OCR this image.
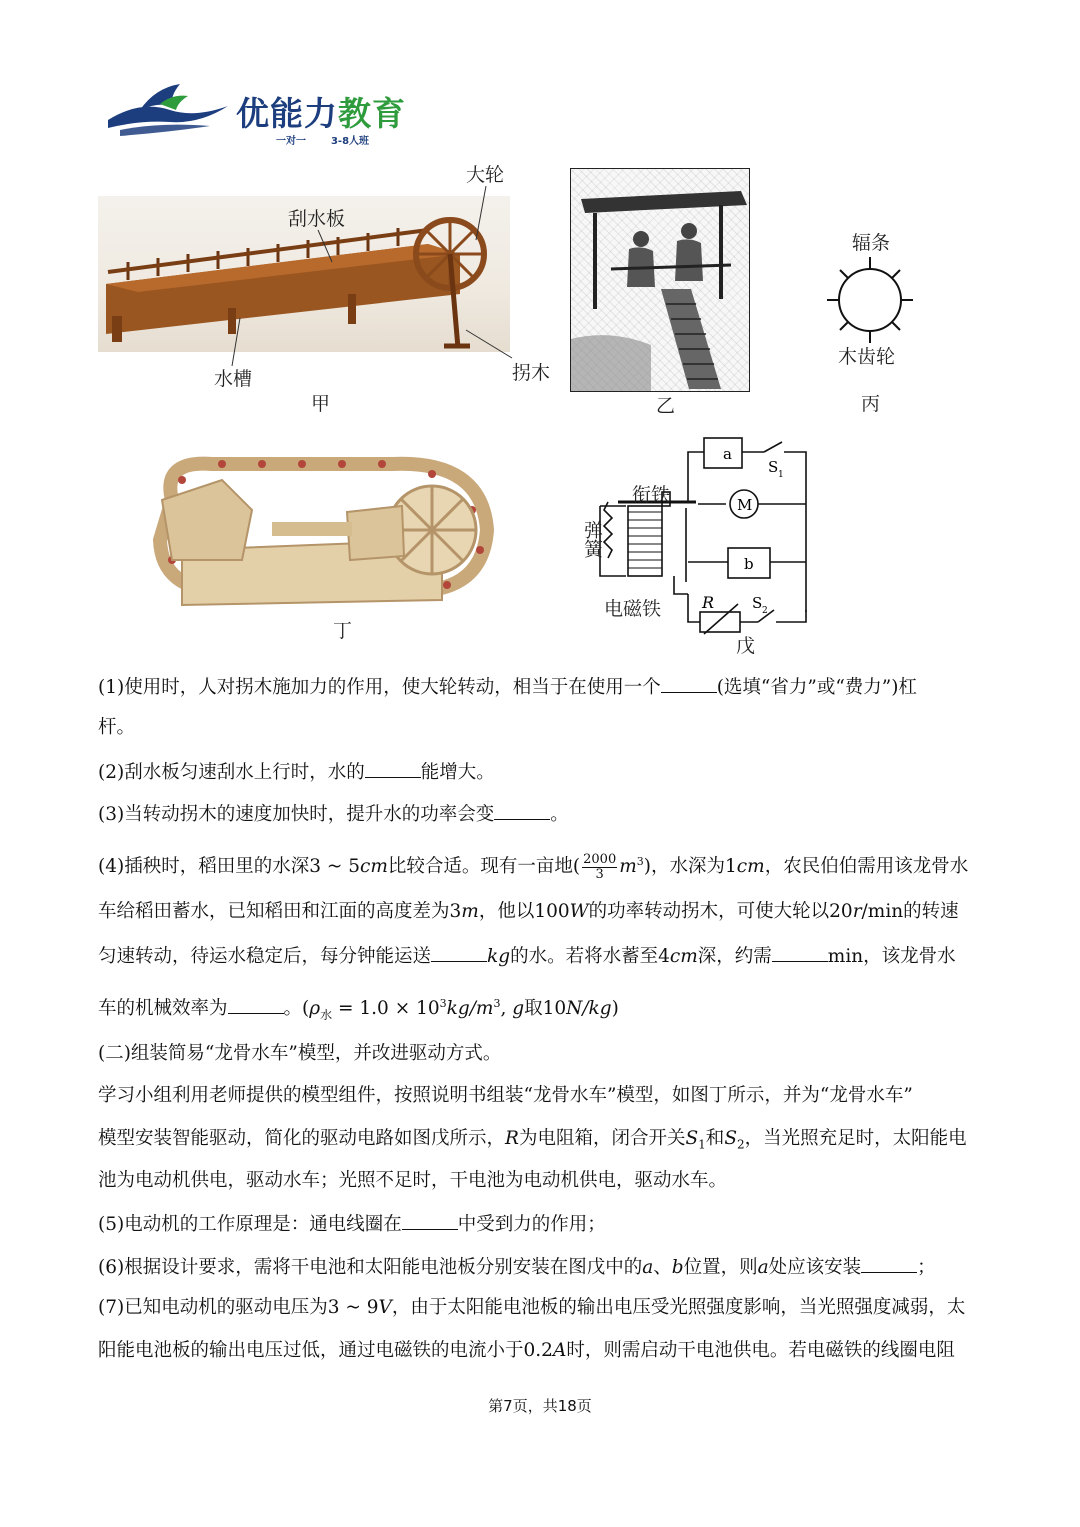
优能力教育
一对一 3-8人班
大轮
刮水板
水槽	拐木
甲	乙
辐条
木齿轮
丙
丁
a
M
b
S 1
S 2
R
衔铁
弹簧
电磁铁
戊
(1)使用时，人对拐木施加力的作用，使大轮转动，相当于在使用一个	(选填“省力”或“费力”)杠
杆。
(2)刮水板匀速刮水上行时，水的	能增大。
(3)当转动拐木的速度加快时，提升水的功率会变	。
(4)插秧时，稻田里的水深3 ~ 5cm比较合适。现有一亩地( $\frac{2000}{3} m^3$)，水深为1cm，农民伯伯需用该龙骨水
车给稻田蓄水，已知稻田和江面的高度差为3m，他以100W的功率转动拐木，可使大轮以20r/min的转速
匀速转动，待运水稳定后，每分钟能运送	kg的水。若将水蓄至4cm深，约需	min，该龙骨水
车的机械效率为	。($\rho_水 = 1.0 \times 10^3kg/m^3$, g取10N/kg)
(二)组装简易“龙骨水车”模型，并改进驱动方式。
学习小组利用老师提供的模型组件，按照说明书组装“龙骨水车”模型，如图丁所示，并为“龙骨水车”
模型安装智能驱动，简化的驱动电路如图戊所示，R为电阻箱，闭合开关$S_1$和$S_2$，当光照充足时，太阳能电
池为电动机供电，驱动水车；光照不足时，干电池为电动机供电，驱动水车。
(5)电动机的工作原理是：通电线圈在	中受到力的作用；
(6)根据设计要求，需将干电池和太阳能电池板分别安装在图戊中的a、b位置，则a处应该安装	；
(7)已知电动机的驱动电压为3 ~ 9V，由于太阳能电池板的输出电压受光照强度影响，当光照强度减弱，太
阳能电池板的输出电压过低，通过电磁铁的电流小于0.2A时，则需启动干电池供电。若电磁铁的线圈电阻
第7页，共18页
